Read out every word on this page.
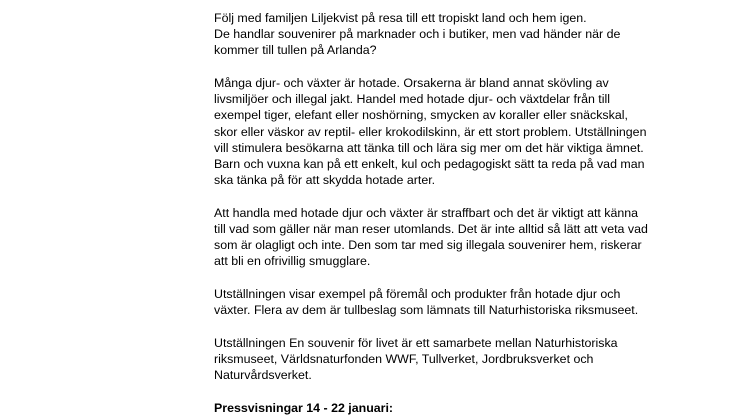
Följ med familjen Liljekvist på resa till ett tropiskt land och hem igen.
De handlar souvenirer på marknader och i butiker, men vad händer när de
kommer till tullen på Arlanda?

Många djur- och växter är hotade. Orsakerna är bland annat skövling av
livsmiljöer och illegal jakt. Handel med hotade djur- och växtdelar från till
exempel tiger, elefant eller noshörning, smycken av koraller eller snäckskal,
skor eller väskor av reptil- eller krokodilskinn, är ett stort problem. Utställningen
vill stimulera besökarna att tänka till och lära sig mer om det här viktiga ämnet.
Barn och vuxna kan på ett enkelt, kul och pedagogiskt sätt ta reda på vad man
ska tänka på för att skydda hotade arter.

Att handla med hotade djur och växter är straffbart och det är viktigt att känna
till vad som gäller när man reser utomlands. Det är inte alltid så lätt att veta vad
som är olagligt och inte. Den som tar med sig illegala souvenirer hem, riskerar
att bli en ofrivillig smugglare.

Utställningen visar exempel på föremål och produkter från hotade djur och
växter. Flera av dem är tullbeslag som lämnats till Naturhistoriska riksmuseet.

Utställningen En souvenir för livet är ett samarbete mellan Naturhistoriska
riksmuseet, Världsnaturfonden WWF, Tullverket, Jordbruksverket och
Naturvårdsverket.

Pressvisningar 14 - 22 januari:
